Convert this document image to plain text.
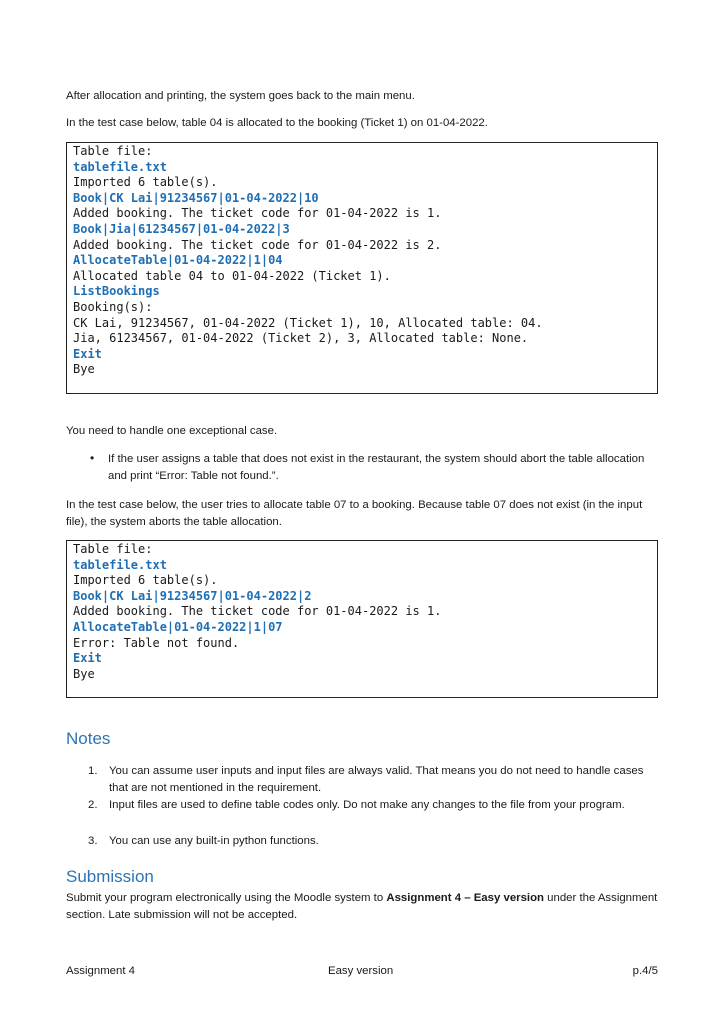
After allocation and printing, the system goes back to the main menu.

In the test case below, table 04 is allocated to the booking (Ticket 1) on 01-04-2022.

Table file:
tablefile.txt
Imported 6 table(s).
Book|CK Lai|91234567|01-04-2022|10
Added booking. The ticket code for 01-04-2022 is 1.
Book|Jia|61234567|01-04-2022|3
Added booking. The ticket code for 01-04-2022 is 2.
AllocateTable|01-04-2022|1|04
Allocated table 04 to 01-04-2022 (Ticket 1).
ListBookings
Booking(s):
CK Lai, 91234567, 01-04-2022 (Ticket 1), 10, Allocated table: 04.
Jia, 61234567, 01-04-2022 (Ticket 2), 3, Allocated table: None.
Exit
Bye

You need to handle one exceptional case.

• If the user assigns a table that does not exist in the restaurant, the system should abort the table allocation and print “Error: Table not found.”.

In the test case below, the user tries to allocate table 07 to a booking. Because table 07 does not exist (in the input file), the system aborts the table allocation.

Table file:
tablefile.txt
Imported 6 table(s).
Book|CK Lai|91234567|01-04-2022|2
Added booking. The ticket code for 01-04-2022 is 1.
AllocateTable|01-04-2022|1|07
Error: Table not found.
Exit
Bye
Notes
1. You can assume user inputs and input files are always valid. That means you do not need to handle cases that are not mentioned in the requirement.

2. Input files are used to define table codes only. Do not make any changes to the file from your program.

3. You can use any built-in python functions.

Submission

Submit your program electronically using the Moodle system to Assignment 4 – Easy version under the Assignment section. Late submission will not be accepted.

Assignment 4	Easy version	p.4/5
